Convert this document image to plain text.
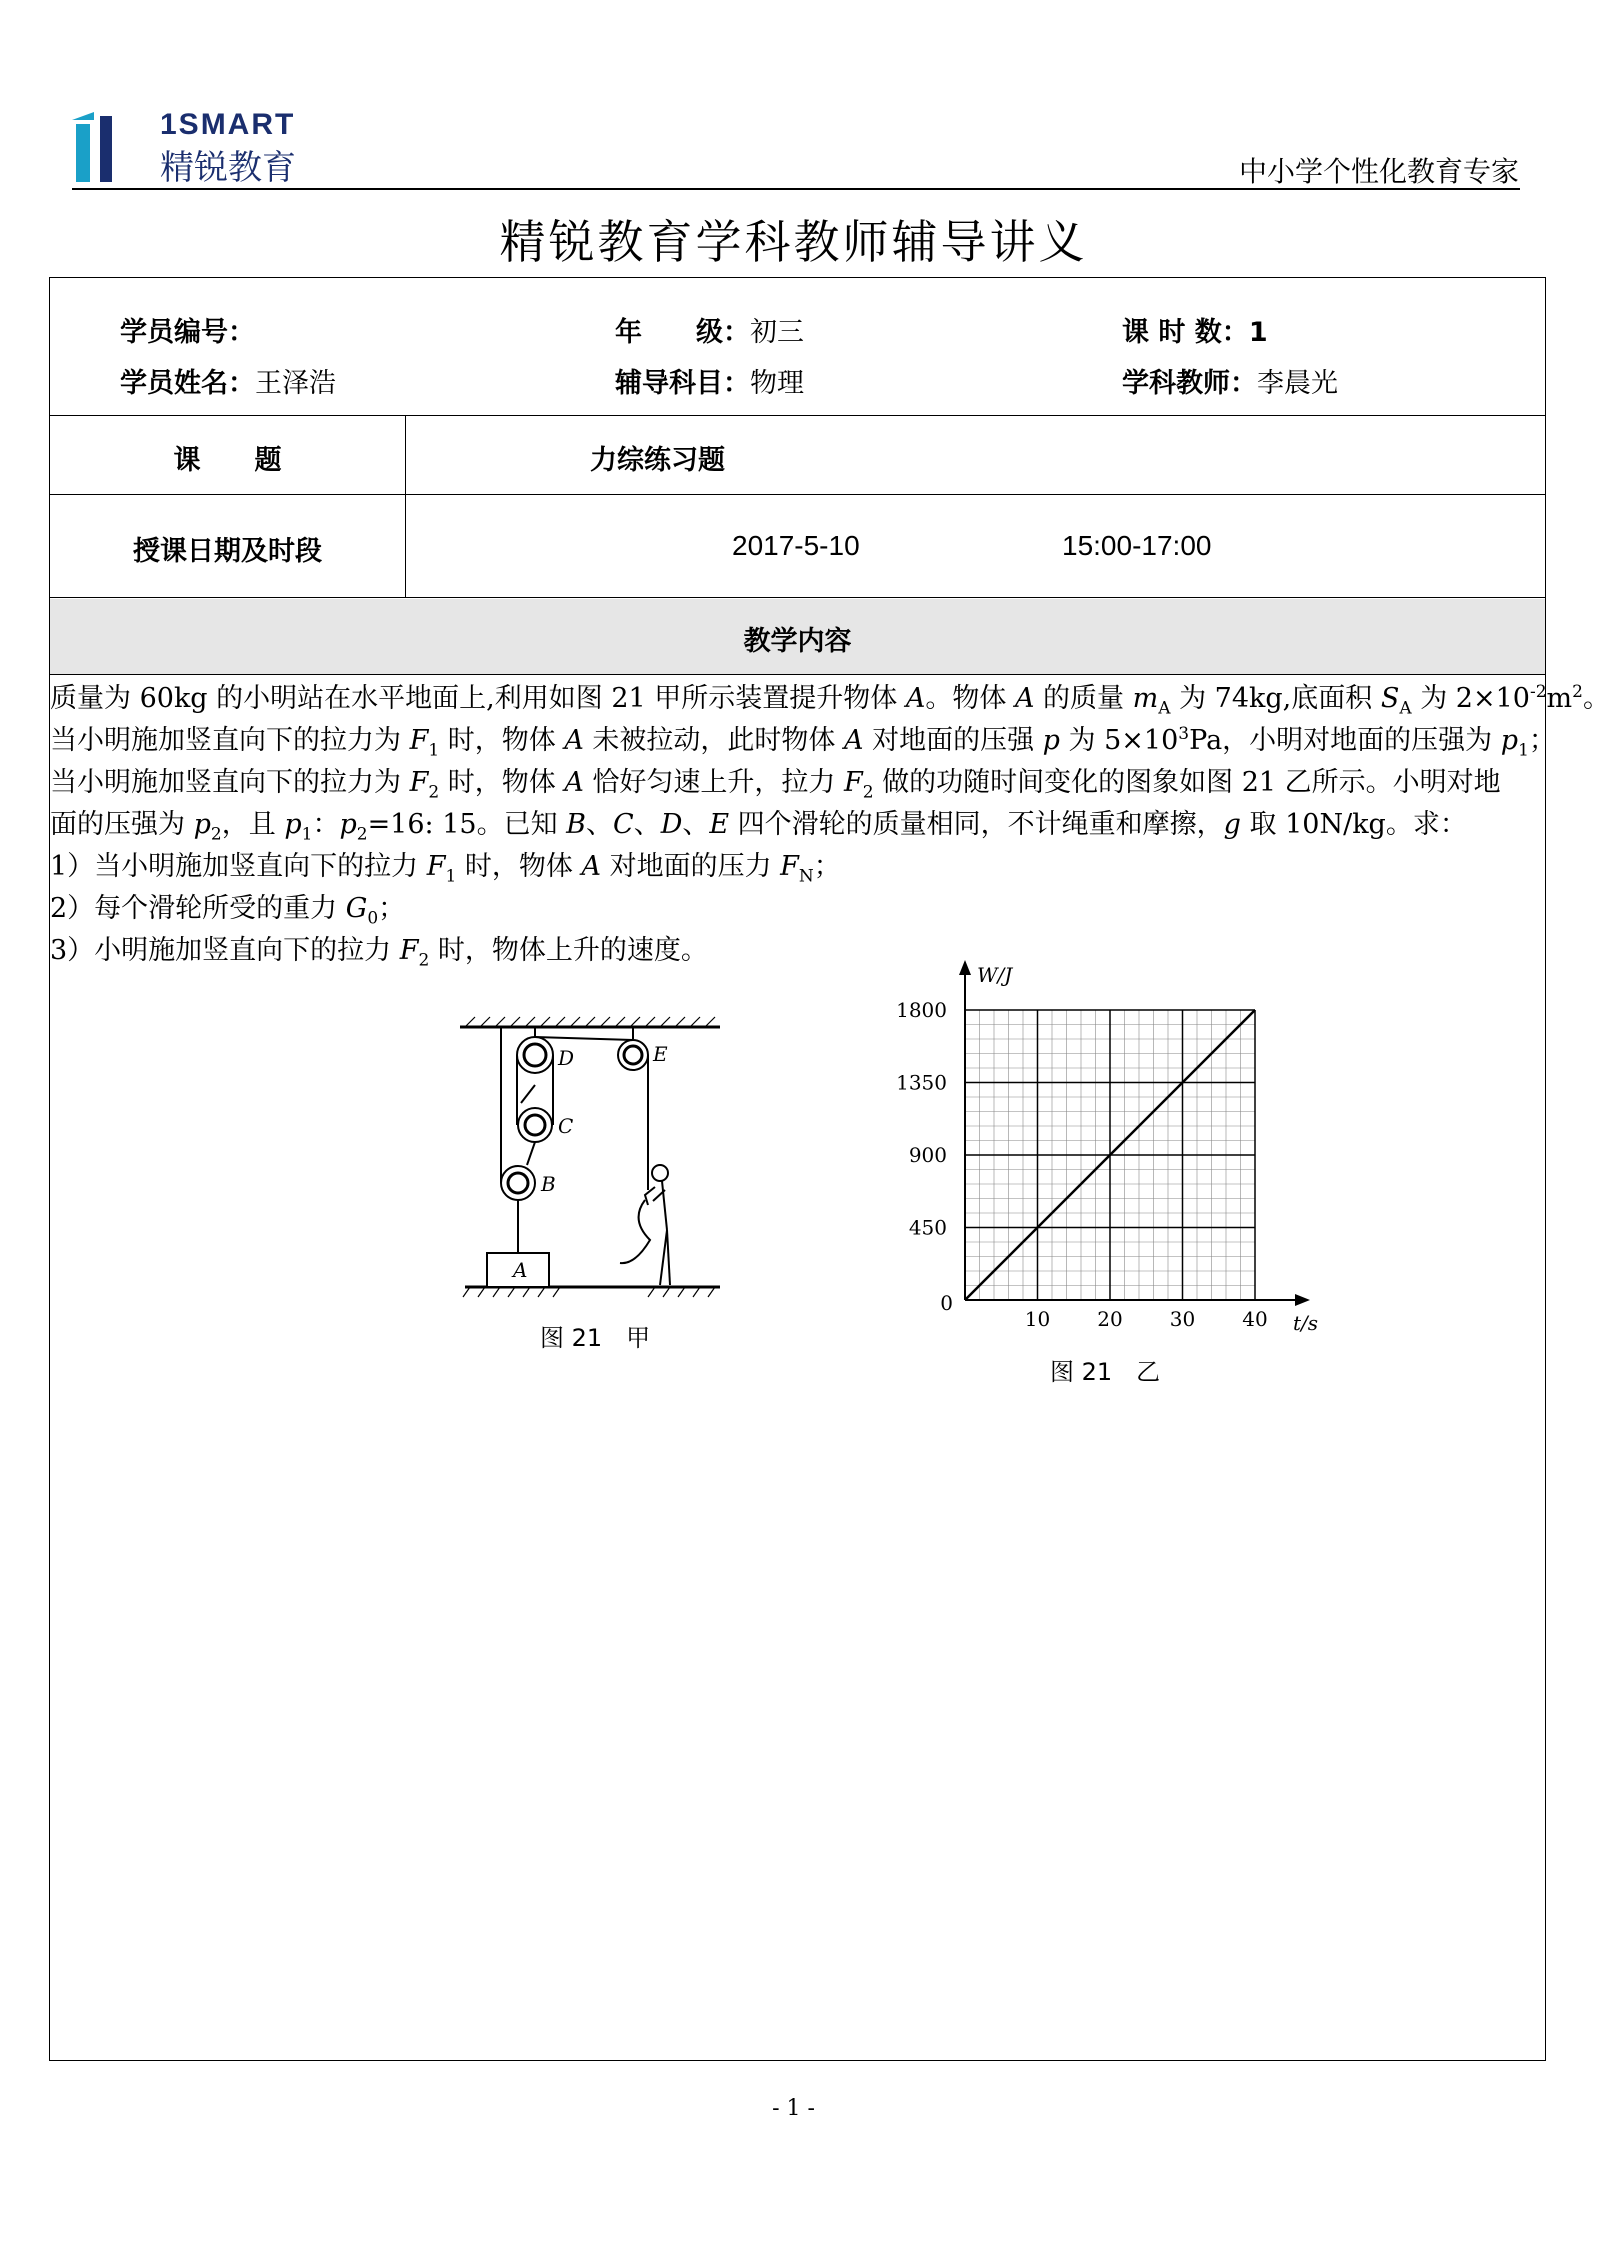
1SMART
精锐教育	中小学个性化教育专家
精锐教育学科教师辅导讲义
学员编号：	年　　级：初三	课 时 数：1
学员姓名：王泽浩	辅导科目：物理	学科教师：李晨光
课　　题	力综练习题
授课日期及时段	2017-5-10	15:00-17:00
教学内容
质量为 60kg 的小明站在水平地面上,利用如图 21 甲所示装置提升物体 A。物体 A 的质量 $m_A$ 为 74kg,底面积 $S_A$ 为 $2\times 10^{-2}m^2$。
当小明施加竖直向下的拉力为 $F_1$ 时，物体 A 未被拉动，此时物体 A 对地面的压强 p 为 $5\times 10^3Pa$，小明对地面的压强为 $p_1$；
当小明施加竖直向下的拉力为 $F_2$ 时，物体 A 恰好匀速上升，拉力 $F_2$ 做的功随时间变化的图象如图 21 乙所示。小明对地
面的压强为 $p_2$，且 $p_1$：$p_2=16$: 15。已知 B、C、D、E 四个滑轮的质量相同，不计绳重和摩擦，g 取 10N/kg。求：
1）当小明施加竖直向下的拉力 $F_1$ 时，物体 A 对地面的压力 $F_N$；
2）每个滑轮所受的重力 $G_0$；
3）小明施加竖直向下的拉力 $F_2$ 时，物体上升的速度。
D	E
C
B
A
图 21　甲
10 20 30 40
450
900
1350
1800
0
t/s
W/J
图 21　乙
- 1 -
